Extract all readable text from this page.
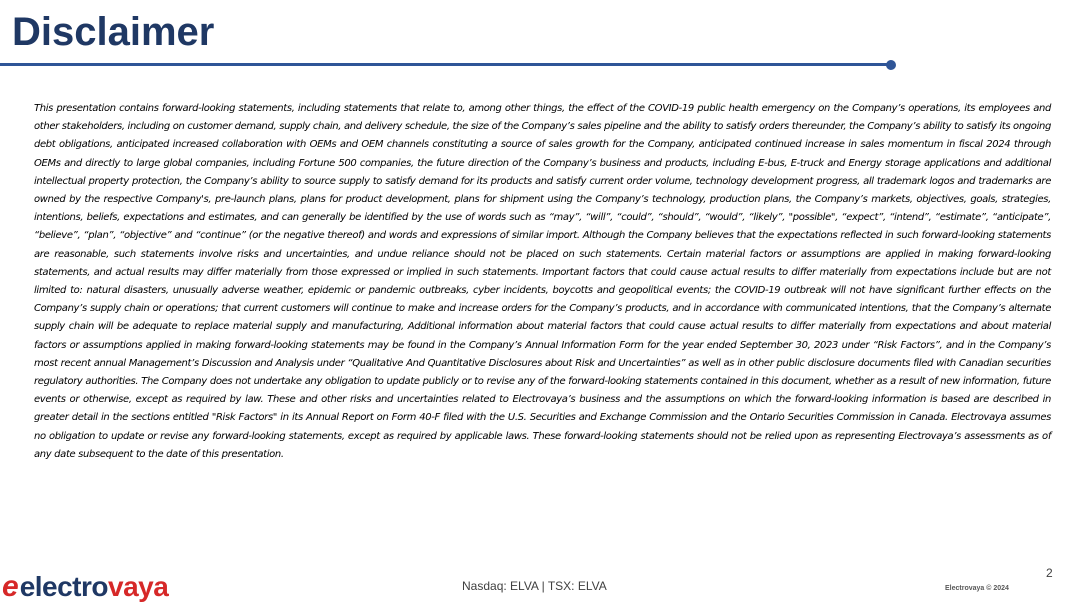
Disclaimer

This presentation contains forward-looking statements, including statements that relate to, among other things, the effect of the COVID-19 public health emergency on the Company’s operations, its employees and other stakeholders, including on customer demand, supply chain, and delivery schedule, the size of the Company’s sales pipeline and the ability to satisfy orders thereunder, the Company’s ability to satisfy its ongoing debt obligations, anticipated increased collaboration with OEMs and OEM channels constituting a source of sales growth for the Company, anticipated continued increase in sales momentum in fiscal 2024 through OEMs and directly to large global companies, including Fortune 500 companies, the future direction of the Company’s business and products, including E-bus, E-truck and Energy storage applications and additional intellectual property protection, the Company’s ability to source supply to satisfy demand for its products and satisfy current order volume, technology development progress, all trademark logos and trademarks are owned by the respective Company's, pre-launch plans, plans for product development, plans for shipment using the Company’s technology, production plans, the Company’s markets, objectives, goals, strategies, intentions, beliefs, expectations and estimates, and can generally be identified by the use of words such as “may”, “will”, “could”, “should”, “would”, “likely”, "possible", “expect”, “intend”, “estimate”, “anticipate”, “believe”, “plan”, “objective” and “continue” (or the negative thereof) and words and expressions of similar import. Although the Company believes that the expectations reflected in such forward-looking statements are reasonable, such statements involve risks and uncertainties, and undue reliance should not be placed on such statements. Certain material factors or assumptions are applied in making forward-looking statements, and actual results may differ materially from those expressed or implied in such statements. Important factors that could cause actual results to differ materially from expectations include but are not limited to: natural disasters, unusually adverse weather, epidemic or pandemic outbreaks, cyber incidents, boycotts and geopolitical events; the COVID-19 outbreak will not have significant further effects on the Company’s supply chain or operations; that current customers will continue to make and increase orders for the Company’s products, and in accordance with communicated intentions, that the Company’s alternate supply chain will be adequate to replace material supply and manufacturing, Additional information about material factors that could cause actual results to differ materially from expectations and about material factors or assumptions applied in making forward-looking statements may be found in the Company’s Annual Information Form for the year ended September 30, 2023 under “Risk Factors”, and in the Company’s most recent annual Management’s Discussion and Analysis under “Qualitative And Quantitative Disclosures about Risk and Uncertainties” as well as in other public disclosure documents filed with Canadian securities regulatory authorities. The Company does not undertake any obligation to update publicly or to revise any of the forward-looking statements contained in this document, whether as a result of new information, future events or otherwise, except as required by law. These and other risks and uncertainties related to Electrovaya’s business and the assumptions on which the forward-looking information is based are described in greater detail in the sections entitled "Risk Factors" in its Annual Report on Form 40-F filed with the U.S. Securities and Exchange Commission and the Ontario Securities Commission in Canada. Electrovaya assumes no obligation to update or revise any forward-looking statements, except as required by applicable laws. These forward-looking statements should not be relied upon as representing Electrovaya’s assessments as of any date subsequent to the date of this presentation.

e electrovaya	Nasdaq: ELVA | TSX: ELVA
2
Electrovaya © 2024
